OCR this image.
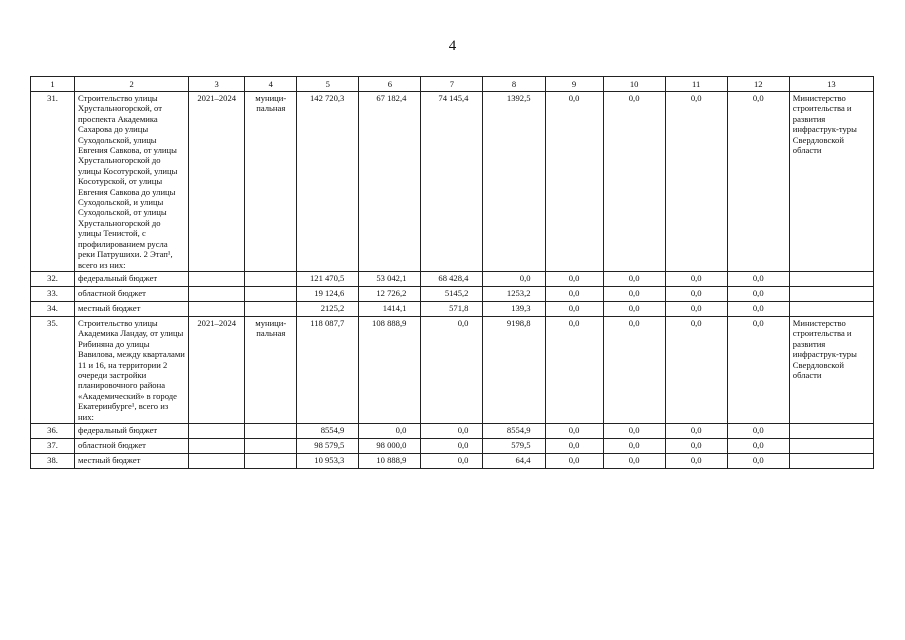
4
1	2	3	4	5	6	7	8	9	10	11	12	13
31.	Строительство улицы Хрустальногорской, от проспекта Академика Сахарова до улицы Суходольской, улицы Евгения Савкова, от улицы Хрустальногорской до улицы Косотурской, улицы Косотурской, от улицы Евгения Савкова до улицы Суходольской, и улицы Суходольской, от улицы Хрустальногорской до улицы Тенистой, с профилированием русла реки Патрушихи. 2 Этап¹, всего из них:	2021–2024	муници-пальная	142 720,3	67 182,4	74 145,4	1392,5	0,0	0,0	0,0	0,0	Министерство строительства и развития инфраструк-туры Свердловской области
32.	федеральный бюджет			121 470,5	53 042,1	68 428,4	0,0	0,0	0,0	0,0	0,0	
33.	областной бюджет			19 124,6	12 726,2	5145,2	1253,2	0,0	0,0	0,0	0,0	
34.	местный бюджет			2125,2	1414,1	571,8	139,3	0,0	0,0	0,0	0,0	
35.	Строительство улицы Академика Ландау, от улицы Рибиняна до улицы Вавилова, между кварталами 11 и 16, на территории 2 очереди застройки планировочного района «Академический» в городе Екатеринбурге¹, всего из них:	2021–2024	муници-пальная	118 087,7	108 888,9	0,0	9198,8	0,0	0,0	0,0	0,0	Министерство строительства и развития инфраструк-туры Свердловской области
36.	федеральный бюджет			8554,9	0,0	0,0	8554,9	0,0	0,0	0,0	0,0	
37.	областной бюджет			98 579,5	98 000,0	0,0	579,5	0,0	0,0	0,0	0,0	
38.	местный бюджет			10 953,3	10 888,9	0,0	64,4	0,0	0,0	0,0	0,0	
